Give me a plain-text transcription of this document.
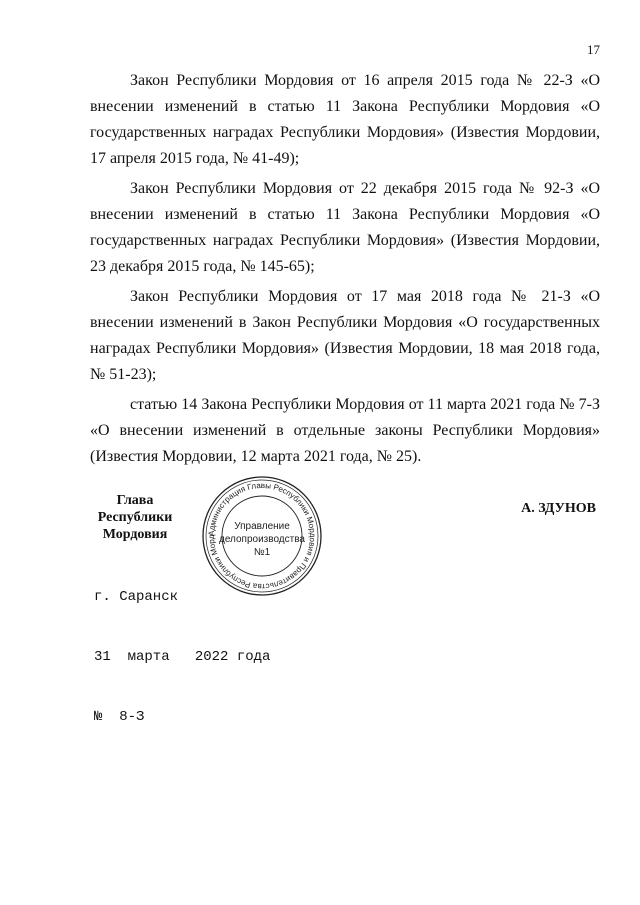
17

Закон Республики Мордовия от 16 апреля 2015 года № 22-З «О внесении изменений в статью 11 Закона Республики Мордовия «О государственных наградах Республики Мордовия» (Известия Мордовии, 17 апреля 2015 года, № 41-49);

Закон Республики Мордовия от 22 декабря 2015 года № 92-З «О внесении изменений в статью 11 Закона Республики Мордовия «О государственных наградах Республики Мордовия» (Известия Мордовии, 23 декабря 2015 года, № 145-65);

Закон Республики Мордовия от 17 мая 2018 года № 21-З «О внесении изменений в Закон Республики Мордовия «О государственных наградах Республики Мордовия» (Известия Мордовии, 18 мая 2018 года, № 51-23);

статью 14 Закона Республики Мордовия от 11 марта 2021 года № 7-З «О внесении изменений в отдельные законы Республики Мордовия» (Известия Мордовии, 12 марта 2021 года, № 25).

Глава
Республики Мордовия
А. ЗДУНОВ

г. Саранск

31  марта   2022 года

№  8-З

Администрация Главы Республики Мордовия и Правительства Республики Морд
Управление
делопроизводства
№1
